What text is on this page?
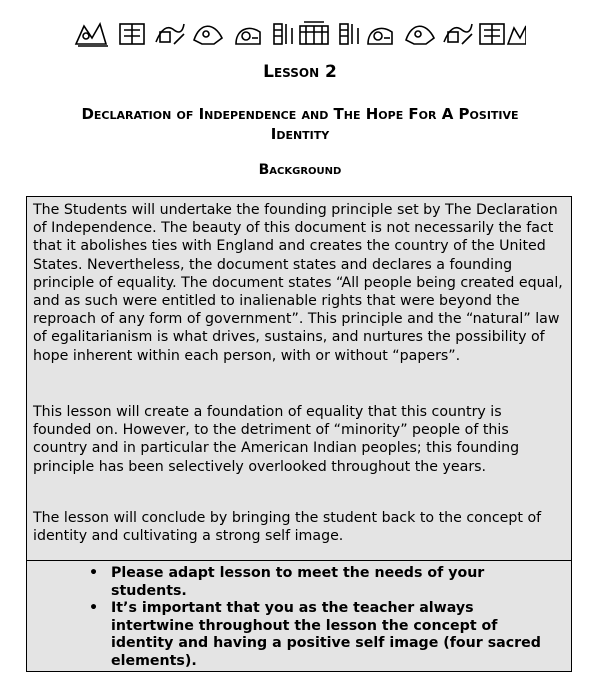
Lesson 2
Declaration of Independence and The Hope For A Positive
Identity
Background

The Students will undertake the founding principle set by The Declaration of Independence. The beauty of this document is not necessarily the fact that it abolishes ties with England and creates the country of the United States. Nevertheless, the document states and declares a founding principle of equality. The document states “All people being created equal, and as such were entitled to inalienable rights that were beyond the reproach of any form of government”. This principle and the “natural” law of egalitarianism is what drives, sustains, and nurtures the possibility of hope inherent within each person, with or without “papers”.

This lesson will create a foundation of equality that this country is founded on. However, to the detriment of “minority” people of this country and in particular the American Indian peoples; this founding principle has been selectively overlooked throughout the years.

The lesson will conclude by bringing the student back to the concept of identity and cultivating a strong self image.

• Please adapt lesson to meet the needs of your students.
• It’s important that you as the teacher always intertwine throughout the lesson the concept of identity and having a positive self image (four sacred elements).
